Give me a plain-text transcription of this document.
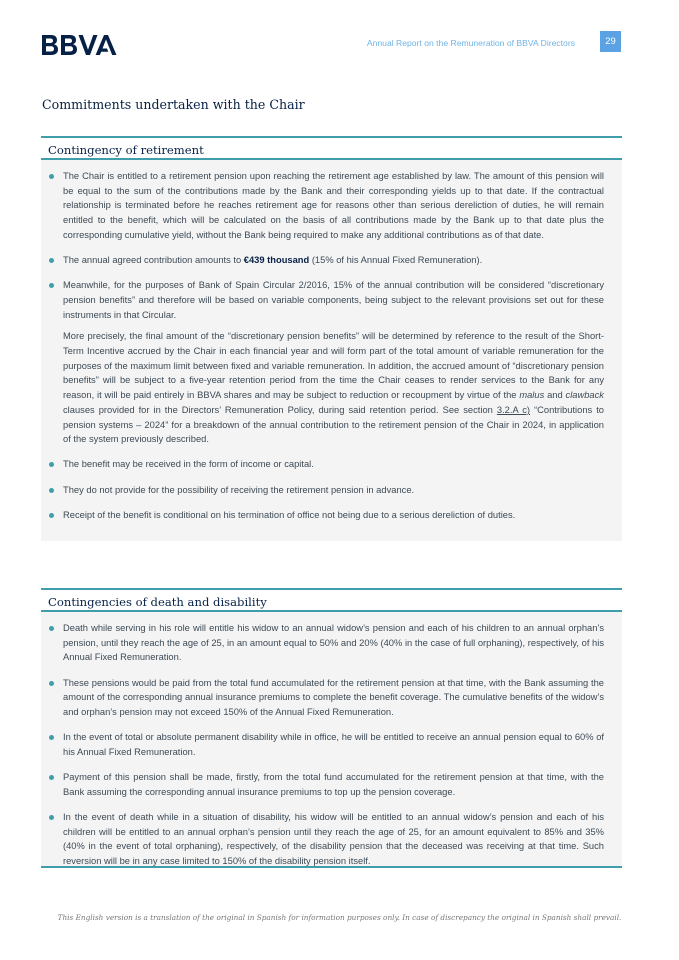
Annual Report on the Remuneration of BBVA Directors	29
Commitments undertaken with the Chair
Contingency of retirement
The Chair is entitled to a retirement pension upon reaching the retirement age established by law. The amount of this pension will be equal to the sum of the contributions made by the Bank and their corresponding yields up to that date. If the contractual relationship is terminated before he reaches retirement age for reasons other than serious dereliction of duties, he will remain entitled to the benefit, which will be calculated on the basis of all contributions made by the Bank up to that date plus the corresponding cumulative yield, without the Bank being required to make any additional contributions as of that date.
The annual agreed contribution amounts to €439 thousand (15% of his Annual Fixed Remuneration).
Meanwhile, for the purposes of Bank of Spain Circular 2/2016, 15% of the annual contribution will be considered “discretionary pension benefits” and therefore will be based on variable components, being subject to the relevant provisions set out for these instruments in that Circular.
More precisely, the final amount of the “discretionary pension benefits” will be determined by reference to the result of the Short-Term Incentive accrued by the Chair in each financial year and will form part of the total amount of variable remuneration for the purposes of the maximum limit between fixed and variable remuneration. In addition, the accrued amount of “discretionary pension benefits” will be subject to a five-year retention period from the time the Chair ceases to render services to the Bank for any reason, it will be paid entirely in BBVA shares and may be subject to reduction or recoupment by virtue of the malus and clawback clauses provided for in the Directors’ Remuneration Policy, during said retention period. See section 3.2.A c) “Contributions to pension systems – 2024” for a breakdown of the annual contribution to the retirement pension of the Chair in 2024, in application of the system previously described.
The benefit may be received in the form of income or capital.
They do not provide for the possibility of receiving the retirement pension in advance.
Receipt of the benefit is conditional on his termination of office not being due to a serious dereliction of duties.
Contingencies of death and disability
Death while serving in his role will entitle his widow to an annual widow’s pension and each of his children to an annual orphan’s pension, until they reach the age of 25, in an amount equal to 50% and 20% (40% in the case of full orphaning), respectively, of his Annual Fixed Remuneration.
These pensions would be paid from the total fund accumulated for the retirement pension at that time, with the Bank assuming the amount of the corresponding annual insurance premiums to complete the benefit coverage. The cumulative benefits of the widow’s and orphan’s pension may not exceed 150% of the Annual Fixed Remuneration.
In the event of total or absolute permanent disability while in office, he will be entitled to receive an annual pension equal to 60% of his Annual Fixed Remuneration.
Payment of this pension shall be made, firstly, from the total fund accumulated for the retirement pension at that time, with the Bank assuming the corresponding annual insurance premiums to top up the pension coverage.
In the event of death while in a situation of disability, his widow will be entitled to an annual widow’s pension and each of his children will be entitled to an annual orphan’s pension until they reach the age of 25, for an amount equivalent to 85% and 35% (40% in the event of total orphaning), respectively, of the disability pension that the deceased was receiving at that time. Such reversion will be in any case limited to 150% of the disability pension itself.
This English version is a translation of the original in Spanish for information purposes only. In case of discrepancy the original in Spanish shall prevail.
